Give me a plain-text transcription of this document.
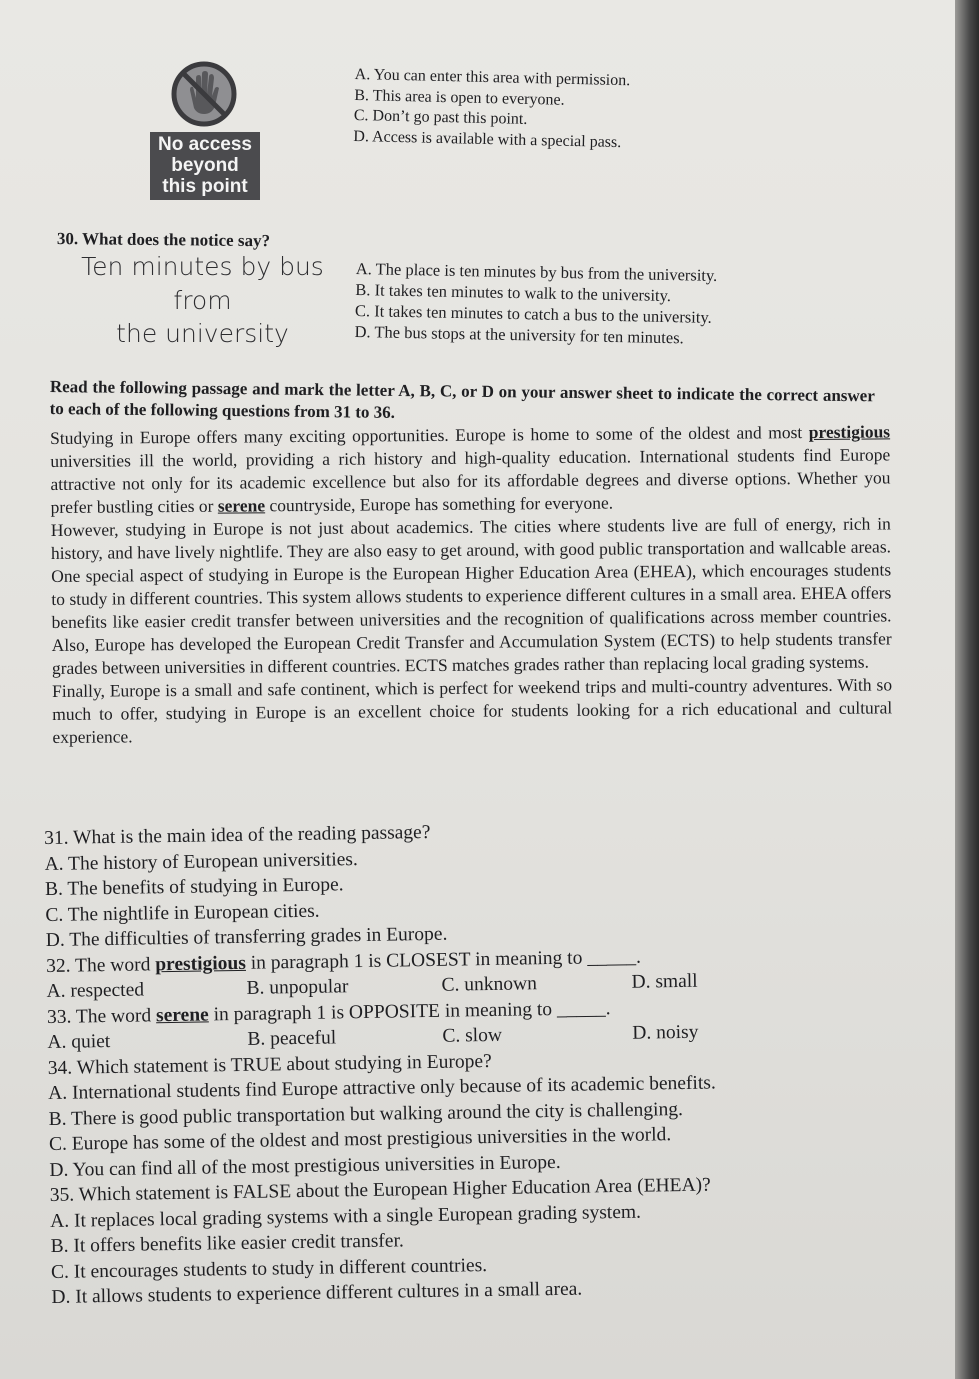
No access
beyond
this point
A. You can enter this area with permission.
B. This area is open to everyone.
C. Don’t go past this point.
D. Access is available with a special pass.
30. What does the notice say?
Ten minutes by bus
from
the university
A. The place is ten minutes by bus from the university.
B. It takes ten minutes to walk to the university.
C. It takes ten minutes to catch a bus to the university.
D. The bus stops at the university for ten minutes.

Read the following passage and mark the letter A, B, C, or D on your answer sheet to indicate the correct answer to each of the following questions from 31 to 36.

Studying in Europe offers many exciting opportunities. Europe is home to some of the oldest and most prestigious universities ill the world, providing a rich history and high-quality education. International students find Europe attractive not only for its academic excellence but also for its affordable degrees and diverse options. Whether you prefer bustling cities or serene countryside, Europe has something for everyone.

However, studying in Europe is not just about academics. The cities where students live are full of energy, rich in history, and have lively nightlife. They are also easy to get around, with good public transportation and wallcable areas. One special aspect of studying in Europe is the European Higher Education Area (EHEA), which encourages students to study in different countries. This system allows students to experience different cultures in a small area. EHEA offers benefits like easier credit transfer between universities and the recognition of qualifications across member countries. Also, Europe has developed the European Credit Transfer and Accumulation System (ECTS) to help students transfer grades between universities in different countries. ECTS matches grades rather than replacing local grading systems.

Finally, Europe is a small and safe continent, which is perfect for weekend trips and multi-country adventures. With so much to offer, studying in Europe is an excellent choice for students looking for a rich educational and cultural experience.

31. What is the main idea of the reading passage?
A. The history of European universities.
B. The benefits of studying in Europe.
C. The nightlife in European cities.
D. The difficulties of transferring grades in Europe.
32. The word prestigious in paragraph 1 is CLOSEST in meaning to _____.
A. respected	B. unpopular	C. unknown	D. small
33. The word serene in paragraph 1 is OPPOSITE in meaning to _____.
A. quiet	B. peaceful	C. slow	D. noisy
34. Which statement is TRUE about studying in Europe?
A. International students find Europe attractive only because of its academic benefits.
B. There is good public transportation but walking around the city is challenging.
C. Europe has some of the oldest and most prestigious universities in the world.
D. You can find all of the most prestigious universities in Europe.
35. Which statement is FALSE about the European Higher Education Area (EHEA)?
A. It replaces local grading systems with a single European grading system.
B. It offers benefits like easier credit transfer.
C. It encourages students to study in different countries.
D. It allows students to experience different cultures in a small area.
